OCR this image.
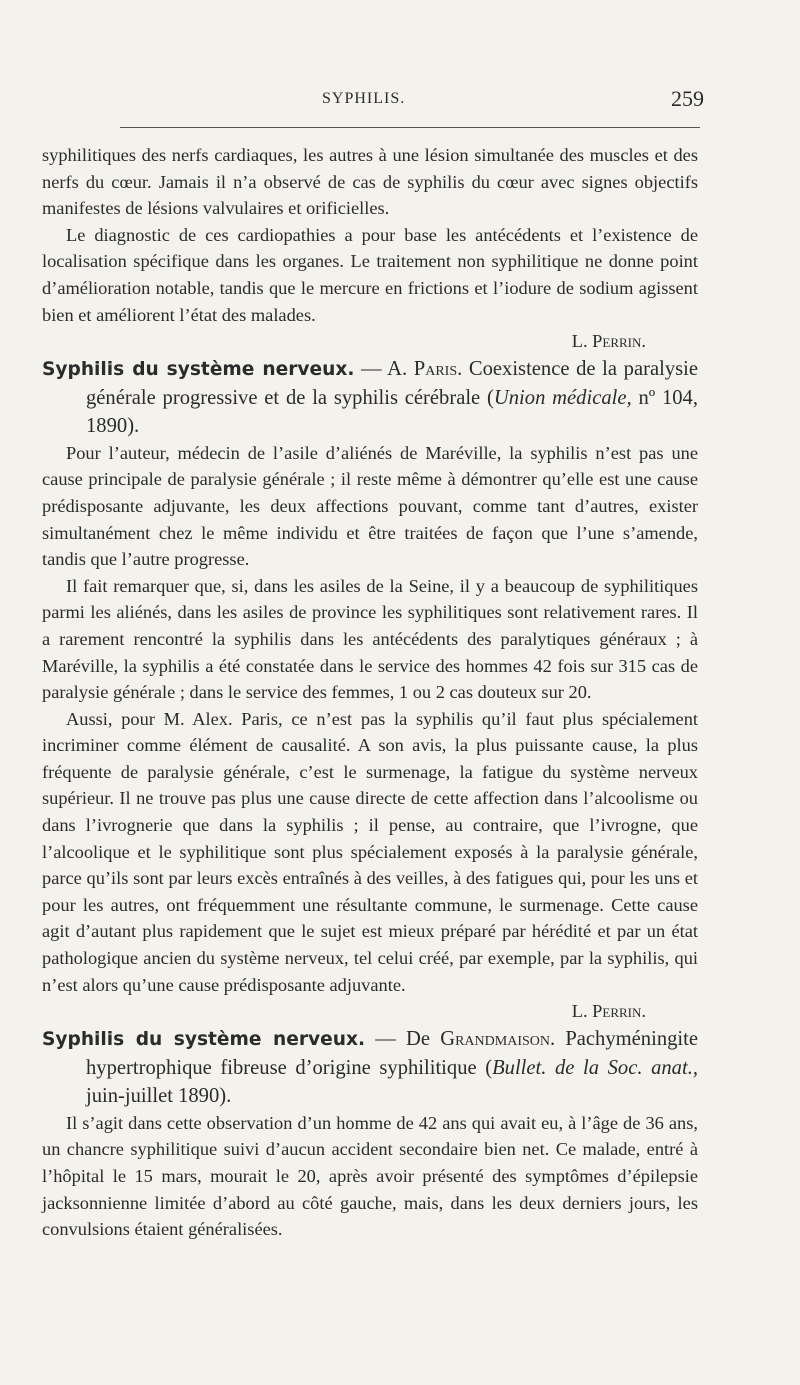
SYPHILIS.	259

syphilitiques des nerfs cardiaques, les autres à une lésion simultanée des muscles et des nerfs du cœur. Jamais il n’a observé de cas de syphilis du cœur avec signes objectifs manifestes de lésions valvulaires et orificielles.

Le diagnostic de ces cardiopathies a pour base les antécédents et l’existence de localisation spécifique dans les organes. Le traitement non syphilitique ne donne point d’amélioration notable, tandis que le mercure en frictions et l’iodure de sodium agissent bien et améliorent l’état des malades.

L. Perrin.

Syphilis du système nerveux. — A. Paris. Coexistence de la paralysie générale progressive et de la syphilis cérébrale (Union médicale, nº 104, 1890).

Pour l’auteur, médecin de l’asile d’aliénés de Maréville, la syphilis n’est pas une cause principale de paralysie générale ; il reste même à démontrer qu’elle est une cause prédisposante adjuvante, les deux affections pouvant, comme tant d’autres, exister simultanément chez le même individu et être traitées de façon que l’une s’amende, tandis que l’autre progresse.

Il fait remarquer que, si, dans les asiles de la Seine, il y a beaucoup de syphilitiques parmi les aliénés, dans les asiles de province les syphilitiques sont relativement rares. Il a rarement rencontré la syphilis dans les antécédents des paralytiques généraux ; à Maréville, la syphilis a été constatée dans le service des hommes 42 fois sur 315 cas de paralysie générale ; dans le service des femmes, 1 ou 2 cas douteux sur 20.

Aussi, pour M. Alex. Paris, ce n’est pas la syphilis qu’il faut plus spécialement incriminer comme élément de causalité. A son avis, la plus puissante cause, la plus fréquente de paralysie générale, c’est le surmenage, la fatigue du système nerveux supérieur. Il ne trouve pas plus une cause directe de cette affection dans l’alcoolisme ou dans l’ivrognerie que dans la syphilis ; il pense, au contraire, que l’ivrogne, que l’alcoolique et le syphilitique sont plus spécialement exposés à la paralysie générale, parce qu’ils sont par leurs excès entraînés à des veilles, à des fatigues qui, pour les uns et pour les autres, ont fréquemment une résultante commune, le surmenage. Cette cause agit d’autant plus rapidement que le sujet est mieux préparé par hérédité et par un état pathologique ancien du système nerveux, tel celui créé, par exemple, par la syphilis, qui n’est alors qu’une cause prédisposante adjuvante.

L. Perrin.

Syphilis du système nerveux. — De Grandmaison. Pachyméningite hypertrophique fibreuse d’origine syphilitique (Bullet. de la Soc. anat., juin-juillet 1890).

Il s’agit dans cette observation d’un homme de 42 ans qui avait eu, à l’âge de 36 ans, un chancre syphilitique suivi d’aucun accident secondaire bien net. Ce malade, entré à l’hôpital le 15 mars, mourait le 20, après avoir présenté des symptômes d’épilepsie jacksonnienne limitée d’abord au côté gauche, mais, dans les deux derniers jours, les convulsions étaient généralisées.
